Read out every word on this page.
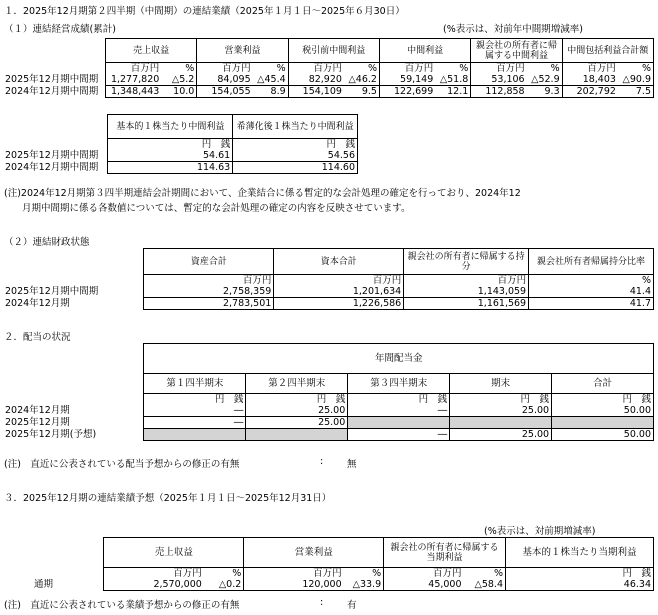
１．2025年12月期第２四半期（中間期）の連結業績（2025年１月１日～2025年６月30日）
（１）連結経営成績(累計)	(%表示は、対前年中間期増減率)
	売上収益		営業利益		税引前中間利益		中間利益		親会社の所有者に帰属する中間利益		中間包括利益合計額	
	百万円	%	百万円	%	百万円	%	百万円	%	百万円	%	百万円	%
2025年12月期中間期	1,277,820	△5.2	84,095	△45.4	82,920	△46.2	59,149	△51.8	53,106	△52.9	18,403	△90.9
2024年12月期中間期	1,348,443	10.0	154,055	8.9	154,109	9.5	122,699	12.1	112,858	9.3	202,792	7.5
	基本的１株当たり中間利益	希薄化後１株当たり中間利益
	円　銭	円　銭
2025年12月期中間期	54.61	54.56
2024年12月期中間期	114.63	114.60
(注)2024年12月期第３四半期連結会計期間において、企業結合に係る暫定的な会計処理の確定を行っており、2024年12
月期中間期に係る各数値については、暫定的な会計処理の確定の内容を反映させています。
（２）連結財政状態
	資産合計	資本合計	親会社の所有者に帰属する持分	親会社所有者帰属持分比率
	百万円	百万円	百万円	%
2025年12月期中間期	2,758,359	1,201,634	1,143,059	41.4
2024年12月期	2,783,501	1,226,586	1,161,569	41.7
２．配当の状況
	年間配当金				
	第１四半期末	第２四半期末	第３四半期末	期末	合計
	円　銭	円　銭	円　銭	円　銭	円　銭
2024年12月期	―	25.00	―	25.00	50.00
2025年12月期	―	25.00			
2025年12月期(予想)			―	25.00	50.00
(注)　直近に公表されている配当予想からの修正の有無	:	無
３．2025年12月期の連結業績予想（2025年１月１日～2025年12月31日）
(%表示は、対前期増減率)
	売上収益		営業利益		親会社の所有者に帰属する当期利益		基本的１株当たり当期利益
	百万円	%	百万円	%	百万円	%	円　銭
通期	2,570,000	△0.2	120,000	△33.9	45,000	△58.4	46.34
(注)　直近に公表されている業績予想からの修正の有無	:	有
